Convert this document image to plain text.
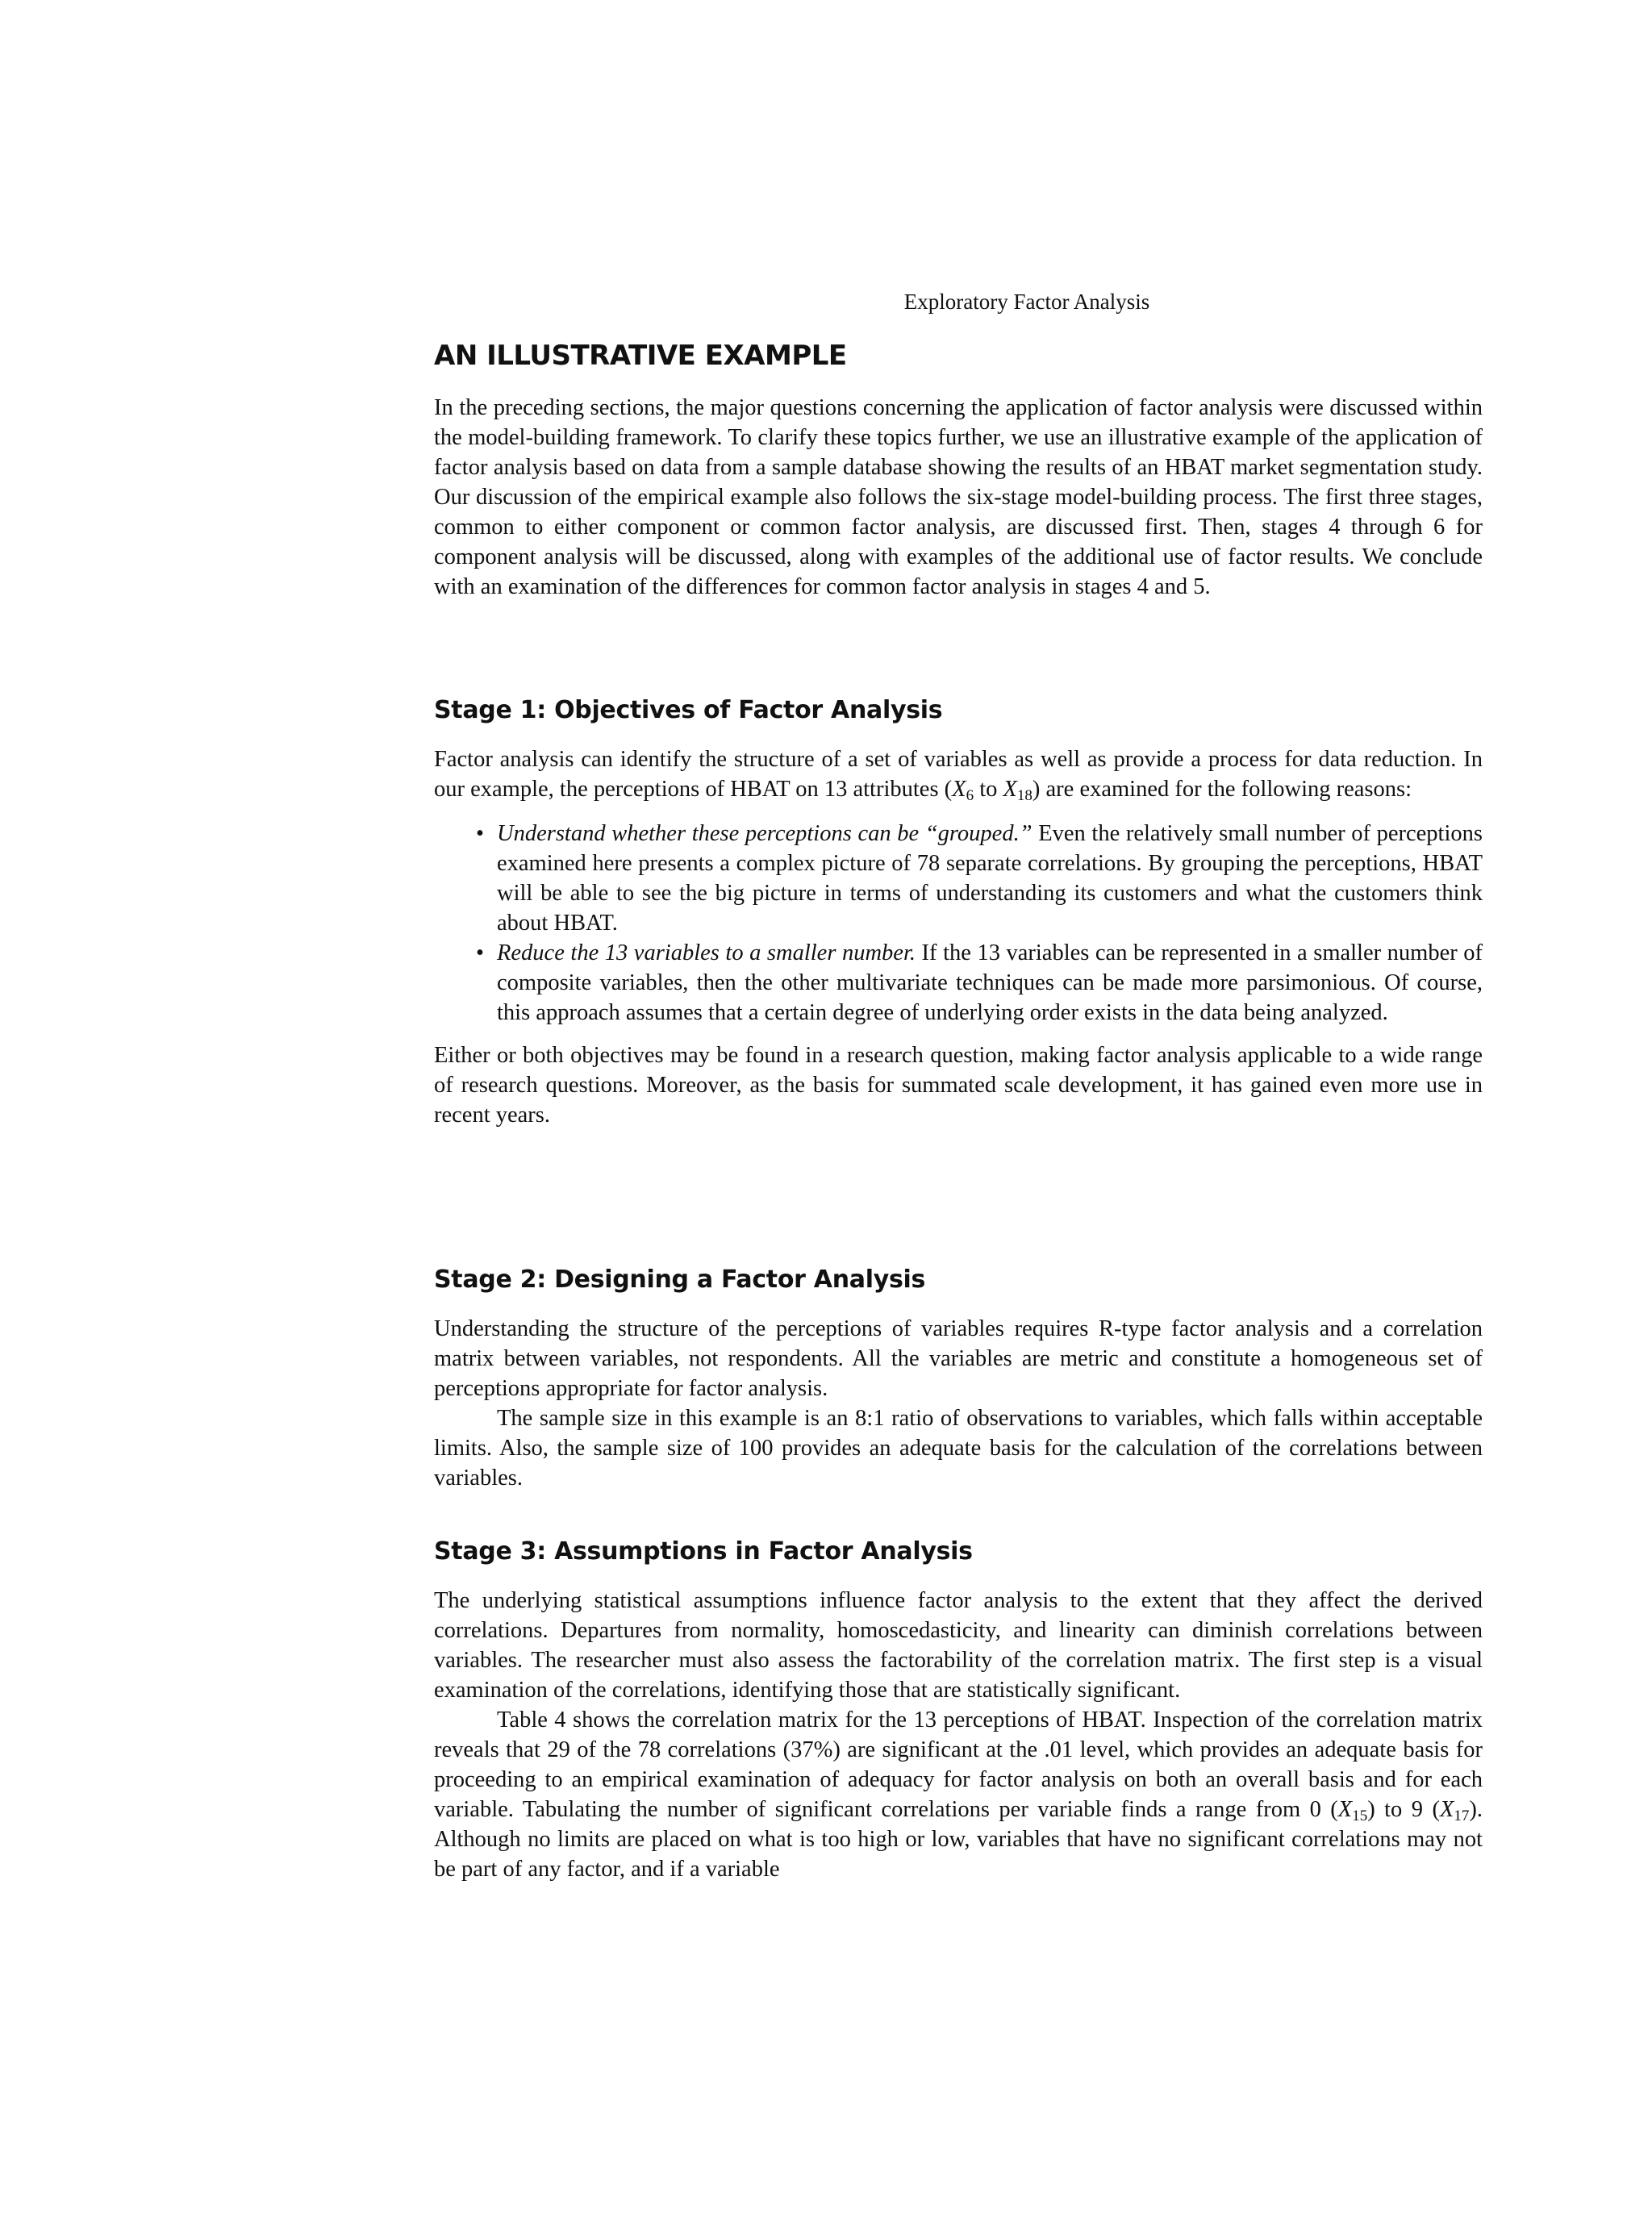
Exploratory Factor Analysis
AN ILLUSTRATIVE EXAMPLE

In the preceding sections, the major questions concerning the application of factor analysis were discussed within the model-building framework. To clarify these topics further, we use an illustrative example of the application of factor analysis based on data from a sample database showing the results of an HBAT market segmentation study. Our discussion of the empirical example also follows the six-stage model-building process. The first three stages, common to either component or common factor analysis, are discussed first. Then, stages 4 through 6 for component analysis will be discussed, along with examples of the additional use of factor results. We conclude with an examination of the differences for common factor analysis in stages 4 and 5.

Stage 1: Objectives of Factor Analysis

Factor analysis can identify the structure of a set of variables as well as provide a process for data reduction. In our example, the perceptions of HBAT on 13 attributes ($X_6$ to $X_{18}$) are examined for the following reasons:

• Understand whether these perceptions can be “grouped.” Even the relatively small number of perceptions examined here presents a complex picture of 78 separate correlations. By grouping the perceptions, HBAT will be able to see the big picture in terms of understanding its customers and what the customers think about HBAT.
• Reduce the 13 variables to a smaller number. If the 13 variables can be represented in a smaller number of composite variables, then the other multivariate techniques can be made more parsimonious. Of course, this approach assumes that a certain degree of underlying order exists in the data being analyzed.

Either or both objectives may be found in a research question, making factor analysis applicable to a wide range of research questions. Moreover, as the basis for summated scale development, it has gained even more use in recent years.

Stage 2: Designing a Factor Analysis

Understanding the structure of the perceptions of variables requires R-type factor analysis and a correlation matrix between variables, not respondents. All the variables are metric and constitute a homogeneous set of perceptions appropriate for factor analysis.

The sample size in this example is an 8:1 ratio of observations to variables, which falls within acceptable limits. Also, the sample size of 100 provides an adequate basis for the calculation of the correlations between variables.

Stage 3: Assumptions in Factor Analysis

The underlying statistical assumptions influence factor analysis to the extent that they affect the derived correlations. Departures from normality, homoscedasticity, and linearity can diminish correlations between variables. The researcher must also assess the factorability of the correlation matrix. The first step is a visual examination of the correlations, identifying those that are statistically significant.

Table 4 shows the correlation matrix for the 13 perceptions of HBAT. Inspection of the correlation matrix reveals that 29 of the 78 correlations (37%) are significant at the .01 level, which provides an adequate basis for proceeding to an empirical examination of adequacy for factor analysis on both an overall basis and for each variable. Tabulating the number of significant correlations per variable finds a range from 0 $(X_{15})$ to 9 $(X_{17})$. Although no limits are placed on what is too high or low, variables that have no significant correlations may not be part of any factor, and if a variable
